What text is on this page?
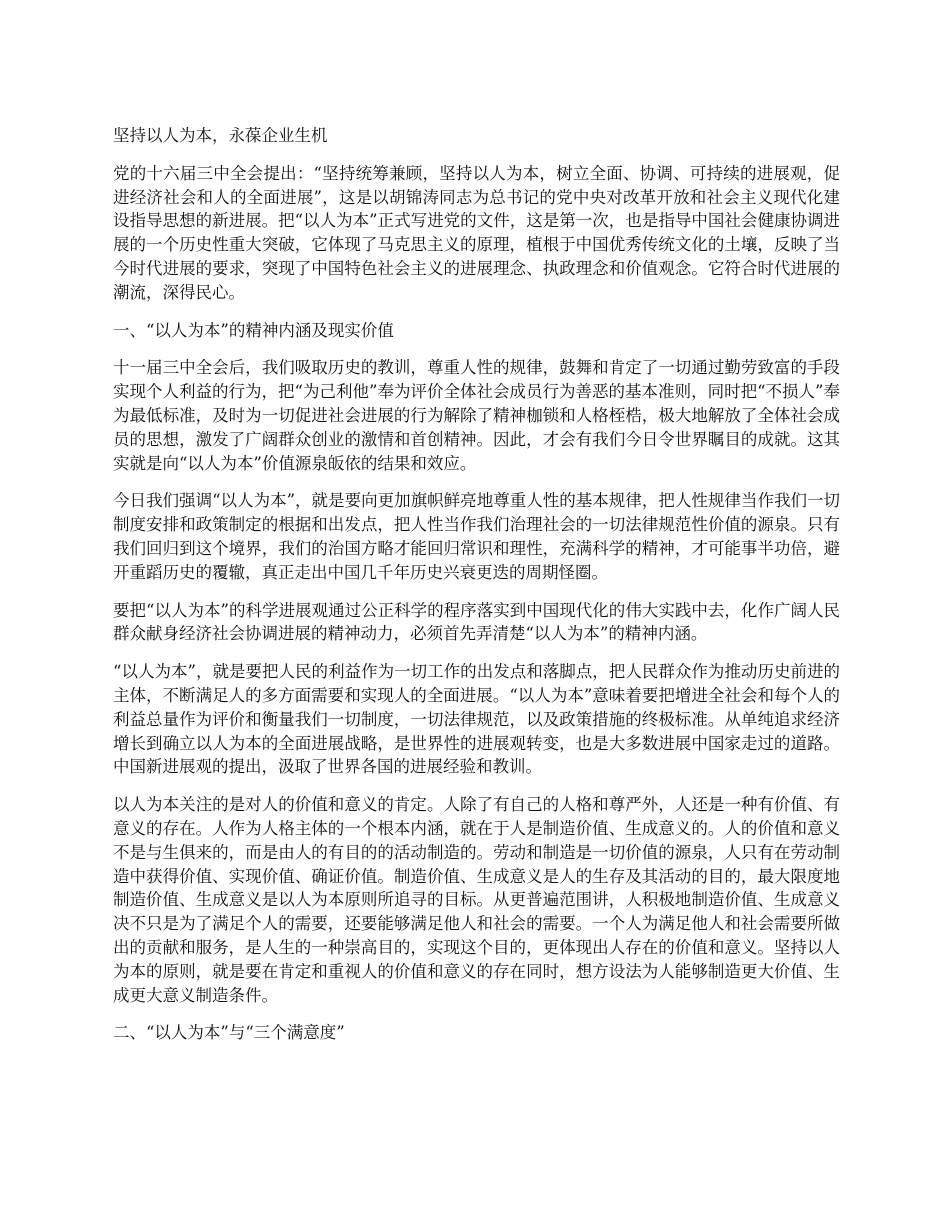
坚持以人为本，永葆企业生机
党的十六届三中全会提出：“坚持统筹兼顾，坚持以人为本，树立全面、协调、可持续的进展观，促进经济社会和人的全面进展”，这是以胡锦涛同志为总书记的党中央对改革开放和社会主义现代化建设指导思想的新进展。把“以人为本”正式写进党的文件，这是第一次，也是指导中国社会健康协调进展的一个历史性重大突破，它体现了马克思主义的原理，植根于中国优秀传统文化的土壤，反映了当今时代进展的要求，突现了中国特色社会主义的进展理念、执政理念和价值观念。它符合时代进展的潮流，深得民心。
一、“以人为本”的精神内涵及现实价值
十一届三中全会后，我们吸取历史的教训，尊重人性的规律，鼓舞和肯定了一切通过勤劳致富的手段实现个人利益的行为，把“为己利他”奉为评价全体社会成员行为善恶的基本准则，同时把“不损人”奉为最低标准，及时为一切促进社会进展的行为解除了精神枷锁和人格桎梏，极大地解放了全体社会成员的思想，激发了广阔群众创业的激情和首创精神。因此，才会有我们今日令世界瞩目的成就。这其实就是向“以人为本”价值源泉皈依的结果和效应。
今日我们强调“以人为本”，就是要向更加旗帜鲜亮地尊重人性的基本规律，把人性规律当作我们一切制度安排和政策制定的根据和出发点，把人性当作我们治理社会的一切法律规范性价值的源泉。只有我们回归到这个境界，我们的治国方略才能回归常识和理性，充满科学的精神，才可能事半功倍，避开重蹈历史的覆辙，真正走出中国几千年历史兴衰更迭的周期怪圈。
要把“以人为本”的科学进展观通过公正科学的程序落实到中国现代化的伟大实践中去，化作广阔人民群众献身经济社会协调进展的精神动力，必须首先弄清楚“以人为本”的精神内涵。
“以人为本”，就是要把人民的利益作为一切工作的出发点和落脚点，把人民群众作为推动历史前进的主体，不断满足人的多方面需要和实现人的全面进展。“以人为本”意味着要把增进全社会和每个人的利益总量作为评价和衡量我们一切制度，一切法律规范，以及政策措施的终极标准。从单纯追求经济增长到确立以人为本的全面进展战略，是世界性的进展观转变，也是大多数进展中国家走过的道路。中国新进展观的提出，汲取了世界各国的进展经验和教训。
以人为本关注的是对人的价值和意义的肯定。人除了有自己的人格和尊严外，人还是一种有价值、有意义的存在。人作为人格主体的一个根本内涵，就在于人是制造价值、生成意义的。人的价值和意义不是与生俱来的，而是由人的有目的的活动制造的。劳动和制造是一切价值的源泉，人只有在劳动制造中获得价值、实现价值、确证价值。制造价值、生成意义是人的生存及其活动的目的，最大限度地制造价值、生成意义是以人为本原则所追寻的目标。从更普遍范围讲，人积极地制造价值、生成意义决不只是为了满足个人的需要，还要能够满足他人和社会的需要。一个人为满足他人和社会需要所做出的贡献和服务，是人生的一种崇高目的，实现这个目的，更体现出人存在的价值和意义。坚持以人为本的原则，就是要在肯定和重视人的价值和意义的存在同时，想方设法为人能够制造更大价值、生成更大意义制造条件。
二、“以人为本”与“三个满意度”
